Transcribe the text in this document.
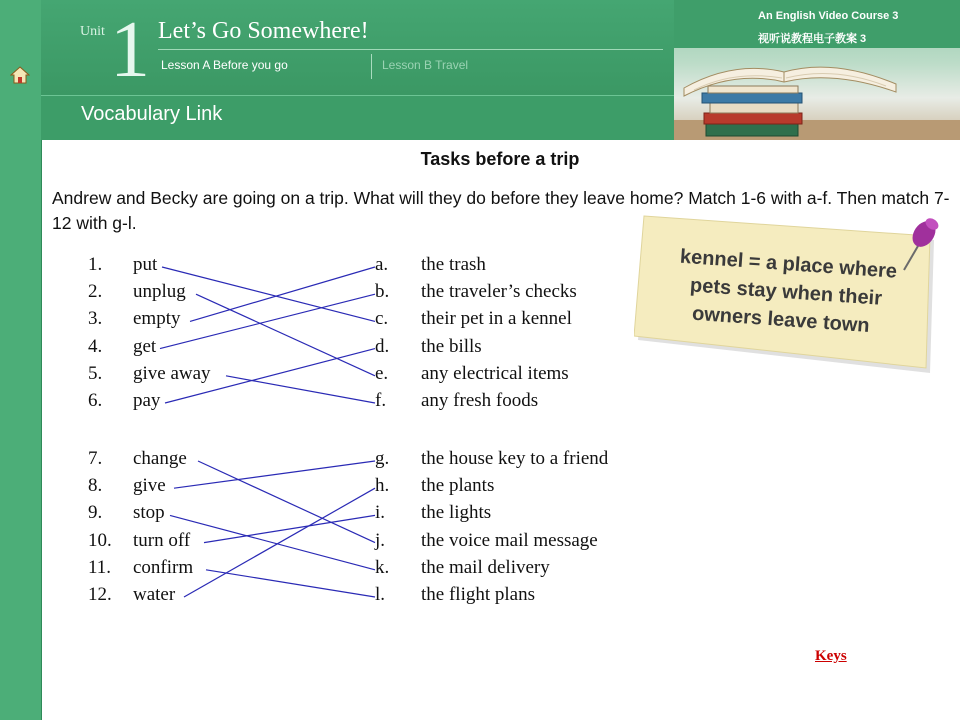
Unit 1 Let’s Go Somewhere!
Lesson A Before you go	Lesson B Travel
Vocabulary Link
An English Video Course 3
视听说教程电子教案 3
Tasks before a trip
Andrew and Becky are going on a trip. What will they do before they leave home? Match 1-6 with a-f. Then match 7-12 with g-l.
1. put
2. unplug
3. empty
4. get
5. give away
6. pay
a. the trash
b. the traveler’s checks
c. their pet in a kennel
d. the bills
e. any electrical items
f. any fresh foods
7. change
8. give
9. stop
10. turn off
11. confirm
12. water
g. the house key to a friend
h. the plants
i. the lights
j. the voice mail message
k. the mail delivery
l. the flight plans
kennel = a place where
pets stay when their
owners leave town
Keys
